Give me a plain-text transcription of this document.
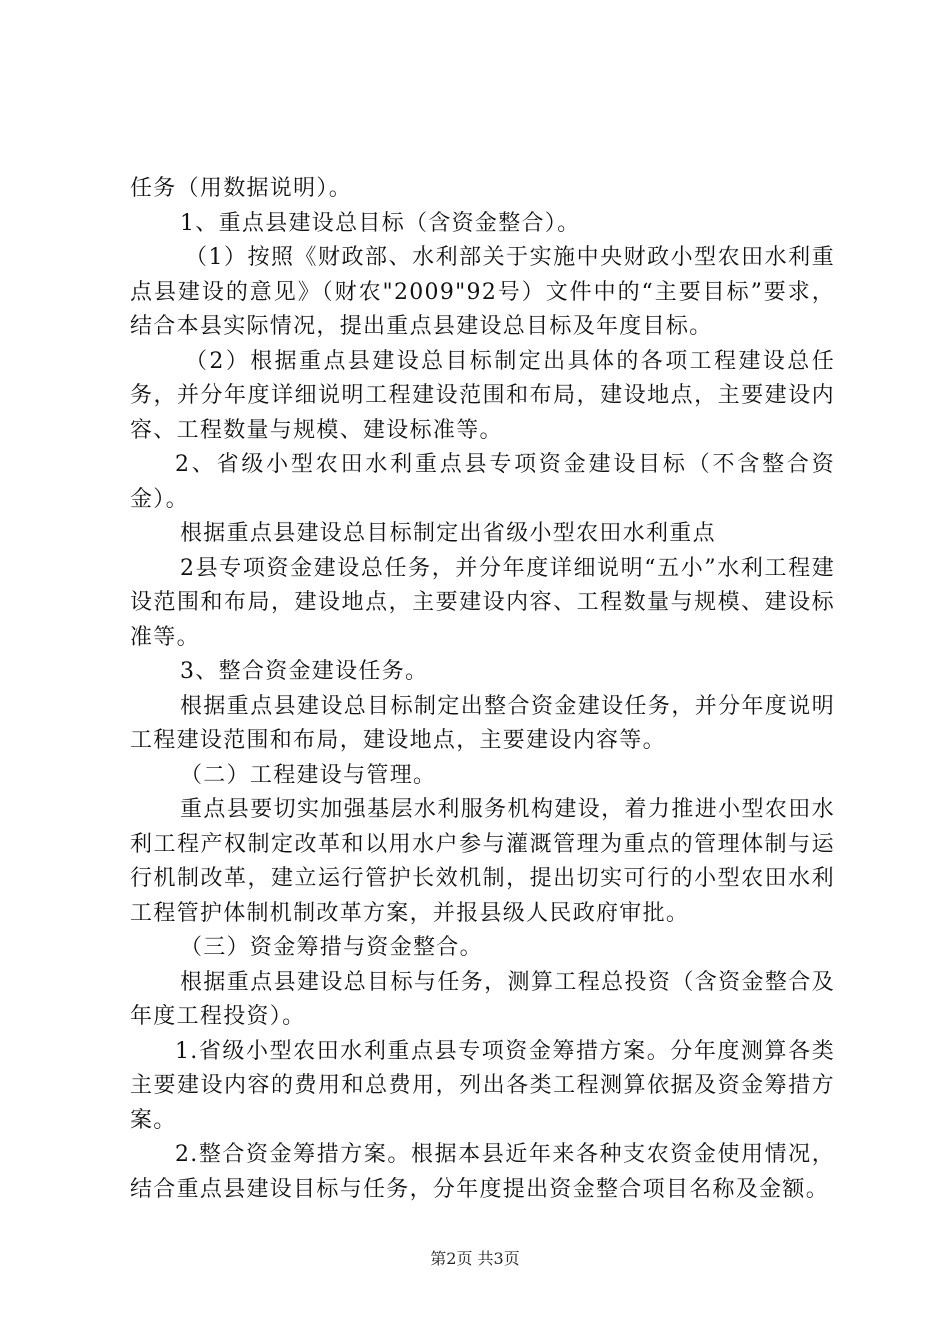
任务（用数据说明）。

1、重点县建设总目标（含资金整合）。

（1）按照《财政部、水利部关于实施中央财政小型农田水利重点县建设的意见》（财农"2009"92号）文件中的“主要目标”要求，结合本县实际情况，提出重点县建设总目标及年度目标。

（2）根据重点县建设总目标制定出具体的各项工程建设总任务，并分年度详细说明工程建设范围和布局，建设地点，主要建设内容、工程数量与规模、建设标准等。

2、省级小型农田水利重点县专项资金建设目标（不含整合资金）。

根据重点县建设总目标制定出省级小型农田水利重点

2县专项资金建设总任务，并分年度详细说明“五小”水利工程建设范围和布局，建设地点，主要建设内容、工程数量与规模、建设标准等。

3、整合资金建设任务。

根据重点县建设总目标制定出整合资金建设任务，并分年度说明工程建设范围和布局，建设地点，主要建设内容等。

（二）工程建设与管理。

重点县要切实加强基层水利服务机构建设，着力推进小型农田水利工程产权制定改革和以用水户参与灌溉管理为重点的管理体制与运行机制改革，建立运行管护长效机制，提出切实可行的小型农田水利工程管护体制机制改革方案，并报县级人民政府审批。

（三）资金筹措与资金整合。

根据重点县建设总目标与任务，测算工程总投资（含资金整合及年度工程投资）。

1.省级小型农田水利重点县专项资金筹措方案。分年度测算各类主要建设内容的费用和总费用，列出各类工程测算依据及资金筹措方案。

2.整合资金筹措方案。根据本县近年来各种支农资金使用情况，结合重点县建设目标与任务，分年度提出资金整合项目名称及金额。

第2页 共3页
